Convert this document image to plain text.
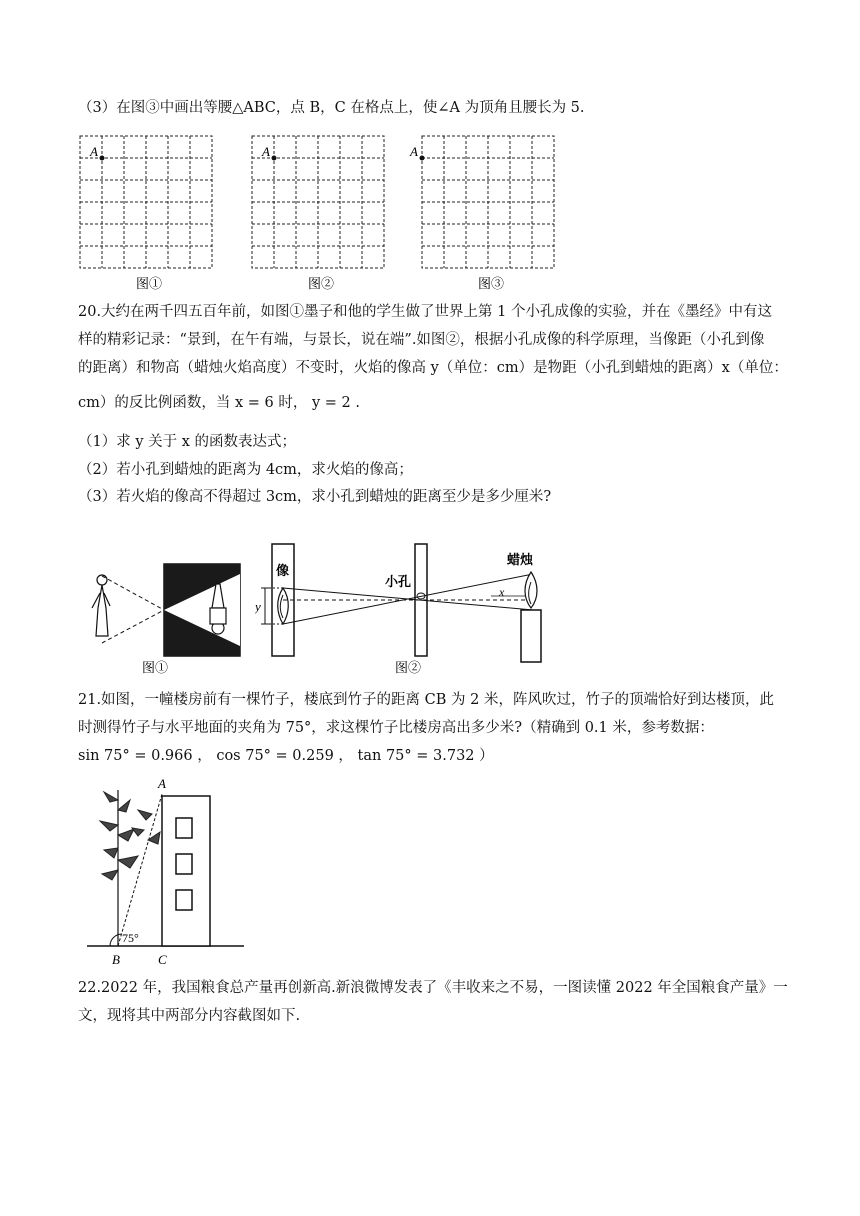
（3）在图③中画出等腰△ABC，点 B，C 在格点上，使∠A 为顶角且腰长为 5.
A
图①
A
图②
A
图③
20.大约在两千四五百年前，如图①墨子和他的学生做了世界上第 1 个小孔成像的实验，并在《墨经》中有这
样的精彩记录：“景到，在午有端，与景长，说在端”.如图②，根据小孔成像的科学原理，当像距（小孔到像
的距离）和物高（蜡烛火焰高度）不变时，火焰的像高 y（单位：cm）是物距（小孔到蜡烛的距离）x（单位：
cm）的反比例函数，当 x = 6 时， y = 2 .
（1）求 y 关于 x 的函数表达式；
（2）若小孔到蜡烛的距离为 4cm，求火焰的像高；
（3）若火焰的像高不得超过 3cm，求小孔到蜡烛的距离至少是多少厘米?
图①
像
y
小孔
x
蜡烛
图②
21.如图，一幢楼房前有一棵竹子，楼底到竹子的距离 CB 为 2 米，阵风吹过，竹子的顶端恰好到达楼顶，此
时测得竹子与水平地面的夹角为 75°，求这棵竹子比楼房高出多少米?（精确到 0.1 米，参考数据：
sin 75° = 0.966 ， cos 75° = 0.259 ， tan 75° = 3.732 ）
75°
A
B	C
22.2022 年，我国粮食总产量再创新高.新浪微博发表了《丰收来之不易，一图读懂 2022 年全国粮食产量》一
文，现将其中两部分内容截图如下.
